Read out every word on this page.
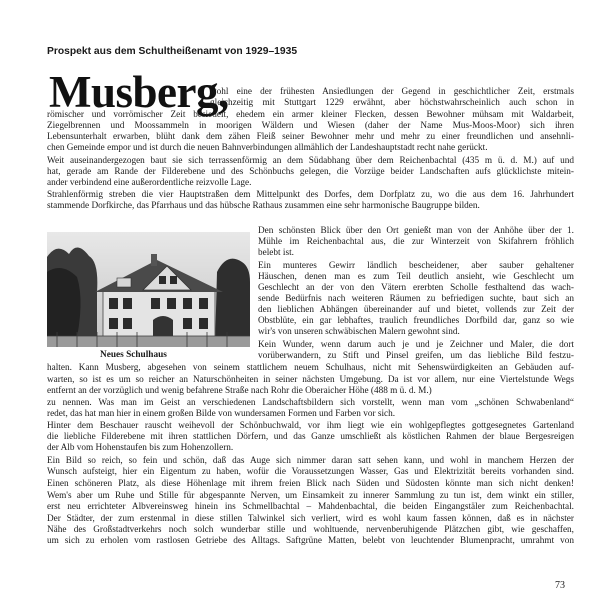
Prospekt aus dem Schultheißenamt von 1929–1935
Musberg,
wohl eine der frühesten Ansiedlungen der Gegend in geschichtlicher Zeit, erstmals
gleichzeitig mit Stuttgart 1229 erwähnt, aber höchstwahrscheinlich auch schon in
römischer und vorrömischer Zeit besiedelt, ehedem ein armer kleiner Flecken, dessen Bewohner mühsam mit Waldarbeit,
Ziegelbrennen und Moossammeln in moorigen Wäldern und Wiesen (daher der Name Mus-Moos-Moor) sich ihren
Lebensunterhalt erwarben, blüht dank dem zähen Fleiß seiner Bewohner mehr und mehr zu einer freundlichen und ansehnli-
chen Gemeinde empor und ist durch die neuen Bahnverbindungen allmählich der Landeshauptstadt recht nahe gerückt.
Weit auseinandergezogen baut sie sich terrassenförmig an dem Südabhang über dem Reichenbachtal (435 m ü. d. M.) auf und
hat, gerade am Rande der Filderebene und des Schönbuchs gelegen, die Vorzüge beider Landschaften aufs glücklichste mitein-
ander verbindend eine außerordentliche reizvolle Lage.
Strahlenförmig streben die vier Hauptstraßen dem Mittelpunkt des Dorfes, dem Dorfplatz zu, wo die aus dem 16. Jahrhundert
stammende Dorfkirche, das Pfarrhaus und das hübsche Rathaus zusammen eine sehr harmonische Baugruppe bilden.
Neues Schulhaus
Den schönsten Blick über den Ort genießt man von der Anhöhe über der 1.
Mühle im Reichenbachtal aus, die zur Winterzeit von Skifahrern fröhlich
belebt ist.
Ein munteres Gewirr ländlich bescheidener, aber sauber gehaltener
Häuschen, denen man es zum Teil deutlich ansieht, wie Geschlecht um
Geschlecht an der von den Vätern ererbten Scholle festhaltend das wach-
sende Bedürfnis nach weiteren Räumen zu befriedigen suchte, baut sich an
den lieblichen Abhängen übereinander auf und bietet, vollends zur Zeit der
Obstblüte, ein gar lebhaftes, traulich freundliches Dorfbild dar, ganz so wie
wir's von unseren schwäbischen Malern gewohnt sind.
Kein Wunder, wenn darum auch je und je Zeichner und Maler, die dort
vorüberwandern, zu Stift und Pinsel greifen, um das liebliche Bild festzu-
halten. Kann Musberg, abgesehen von seinem stattlichem neuem Schulhaus, nicht mit Sehenswürdigkeiten an Gebäuden auf-
warten, so ist es um so reicher an Naturschönheiten in seiner nächsten Umgebung. Da ist vor allem, nur eine Viertelstunde Wegs
entfernt an der vorzüglich und wenig befahrene Straße nach Rohr die Oberaicher Höhe (488 m ü. d. M.)
zu nennen. Was man im Geist an verschiedenen Landschaftsbildern sich vorstellt, wenn man vom „schönen Schwabenland“
redet, das hat man hier in einem großen Bilde von wundersamen Formen und Farben vor sich.
Hinter dem Beschauer rauscht weihevoll der Schönbuchwald, vor ihm liegt wie ein wohlgepflegtes gottgesegnetes Gartenland
die liebliche Filderebene mit ihren stattlichen Dörfern, und das Ganze umschließt als köstlichen Rahmen der blaue Bergesreigen
der Alb vom Hohenstaufen bis zum Hohenzollern.
Ein Bild so reich, so fein und schön, daß das Auge sich nimmer daran satt sehen kann, und wohl in manchem Herzen der
Wunsch aufsteigt, hier ein Eigentum zu haben, wofür die Voraussetzungen Wasser, Gas und Elektrizität bereits vorhanden sind.
Einen schöneren Platz, als diese Höhenlage mit ihrem freien Blick nach Süden und Südosten könnte man sich nicht denken!
Wem's aber um Ruhe und Stille für abgespannte Nerven, um Einsamkeit zu innerer Sammlung zu tun ist, dem winkt ein stiller,
erst neu errichteter Albvereinsweg hinein ins Schmellbachtal – Mahdenbachtal, die beiden Eingangstäler zum Reichenbachtal.
Der Städter, der zum erstenmal in diese stillen Talwinkel sich verliert, wird es wohl kaum fassen können, daß es in nächster
Nähe des Großstadtverkehrs noch solch wunderbar stille und wohltuende, nervenberuhigende Plätzchen gibt, wie geschaffen,
um sich zu erholen vom rastlosen Getriebe des Alltags. Saftgrüne Matten, belebt von leuchtender Blumenpracht, umrahmt von
73
